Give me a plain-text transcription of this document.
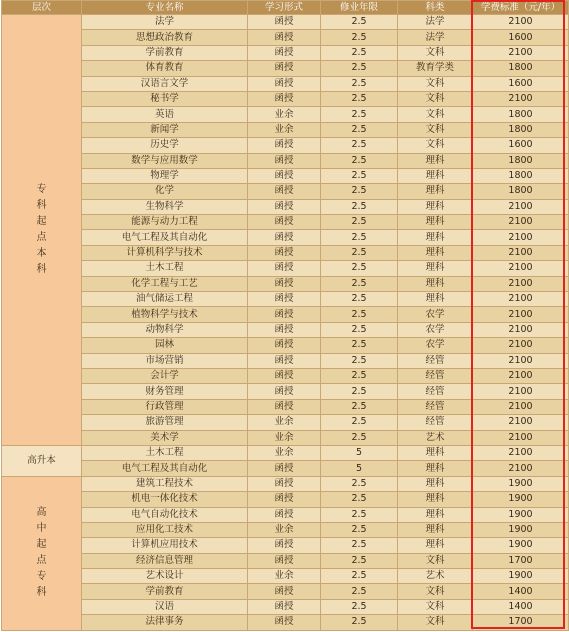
层次	专业名称	学习形式	修业年限	科类	学费标准（元/年）
专科起点本科	法学	函授	2.5	法学	2100
	思想政治教育	函授	2.5	法学	1600
	学前教育	函授	2.5	文科	2100
	体育教育	函授	2.5	教育学类	1800
	汉语言文学	函授	2.5	文科	1600
	秘书学	函授	2.5	文科	2100
	英语	业余	2.5	文科	1800
	新闻学	业余	2.5	文科	1800
	历史学	函授	2.5	文科	1600
	数学与应用数学	函授	2.5	理科	1800
	物理学	函授	2.5	理科	1800
	化学	函授	2.5	理科	1800
	生物科学	函授	2.5	理科	2100
	能源与动力工程	函授	2.5	理科	2100
	电气工程及其自动化	函授	2.5	理科	2100
	计算机科学与技术	函授	2.5	理科	2100
	土木工程	函授	2.5	理科	2100
	化学工程与工艺	函授	2.5	理科	2100
	油气储运工程	函授	2.5	理科	2100
	植物科学与技术	函授	2.5	农学	2100
	动物科学	函授	2.5	农学	2100
	园林	函授	2.5	农学	2100
	市场营销	函授	2.5	经管	2100
	会计学	函授	2.5	经管	2100
	财务管理	函授	2.5	经管	2100
	行政管理	函授	2.5	经管	2100
	旅游管理	业余	2.5	经管	2100
	美术学	业余	2.5	艺术	2100
高升本	土木工程	业余	5	理科	2100
	电气工程及其自动化	函授	5	理科	2100
高中起点专科	建筑工程技术	函授	2.5	理科	1900
	机电一体化技术	函授	2.5	理科	1900
	电气自动化技术	函授	2.5	理科	1900
	应用化工技术	业余	2.5	理科	1900
	计算机应用技术	函授	2.5	理科	1900
	经济信息管理	函授	2.5	文科	1700
	艺术设计	业余	2.5	艺术	1900
	学前教育	函授	2.5	文科	1400
	汉语	函授	2.5	文科	1400
	法律事务	函授	2.5	文科	1700
